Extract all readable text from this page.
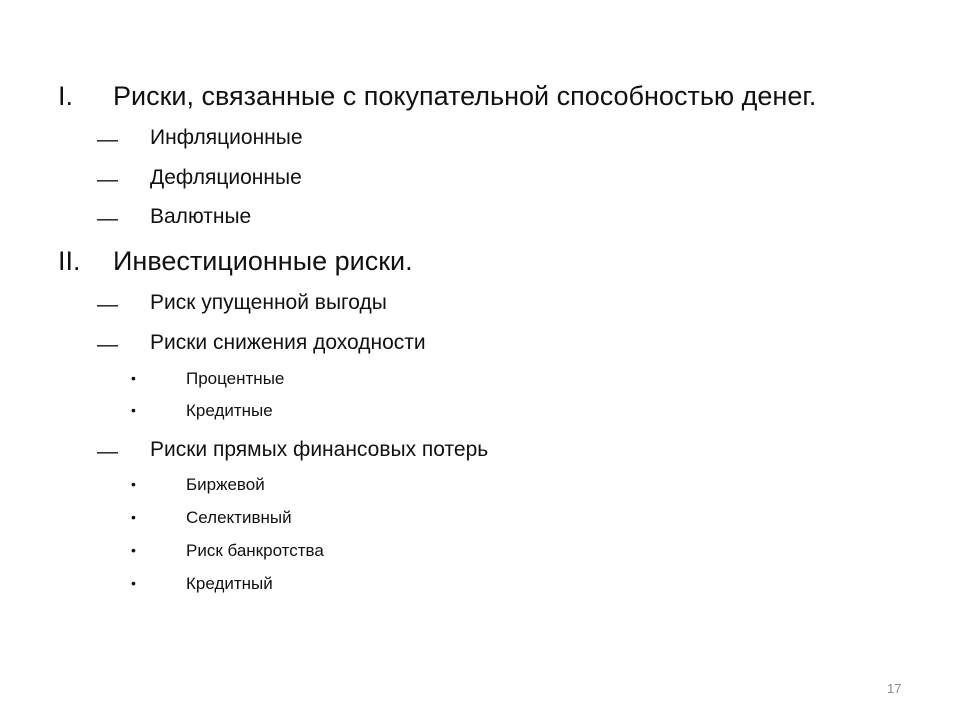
I. Риски, связанные с покупательной способностью денег.
— Инфляционные
— Дефляционные
— Валютные
II. Инвестиционные риски.
— Риск упущенной выгоды
— Риски снижения доходности
•	Процентные
•	Кредитные
— Риски прямых финансовых потерь
•	Биржевой
•	Селективный
•	Риск банкротства
•	Кредитный
17
